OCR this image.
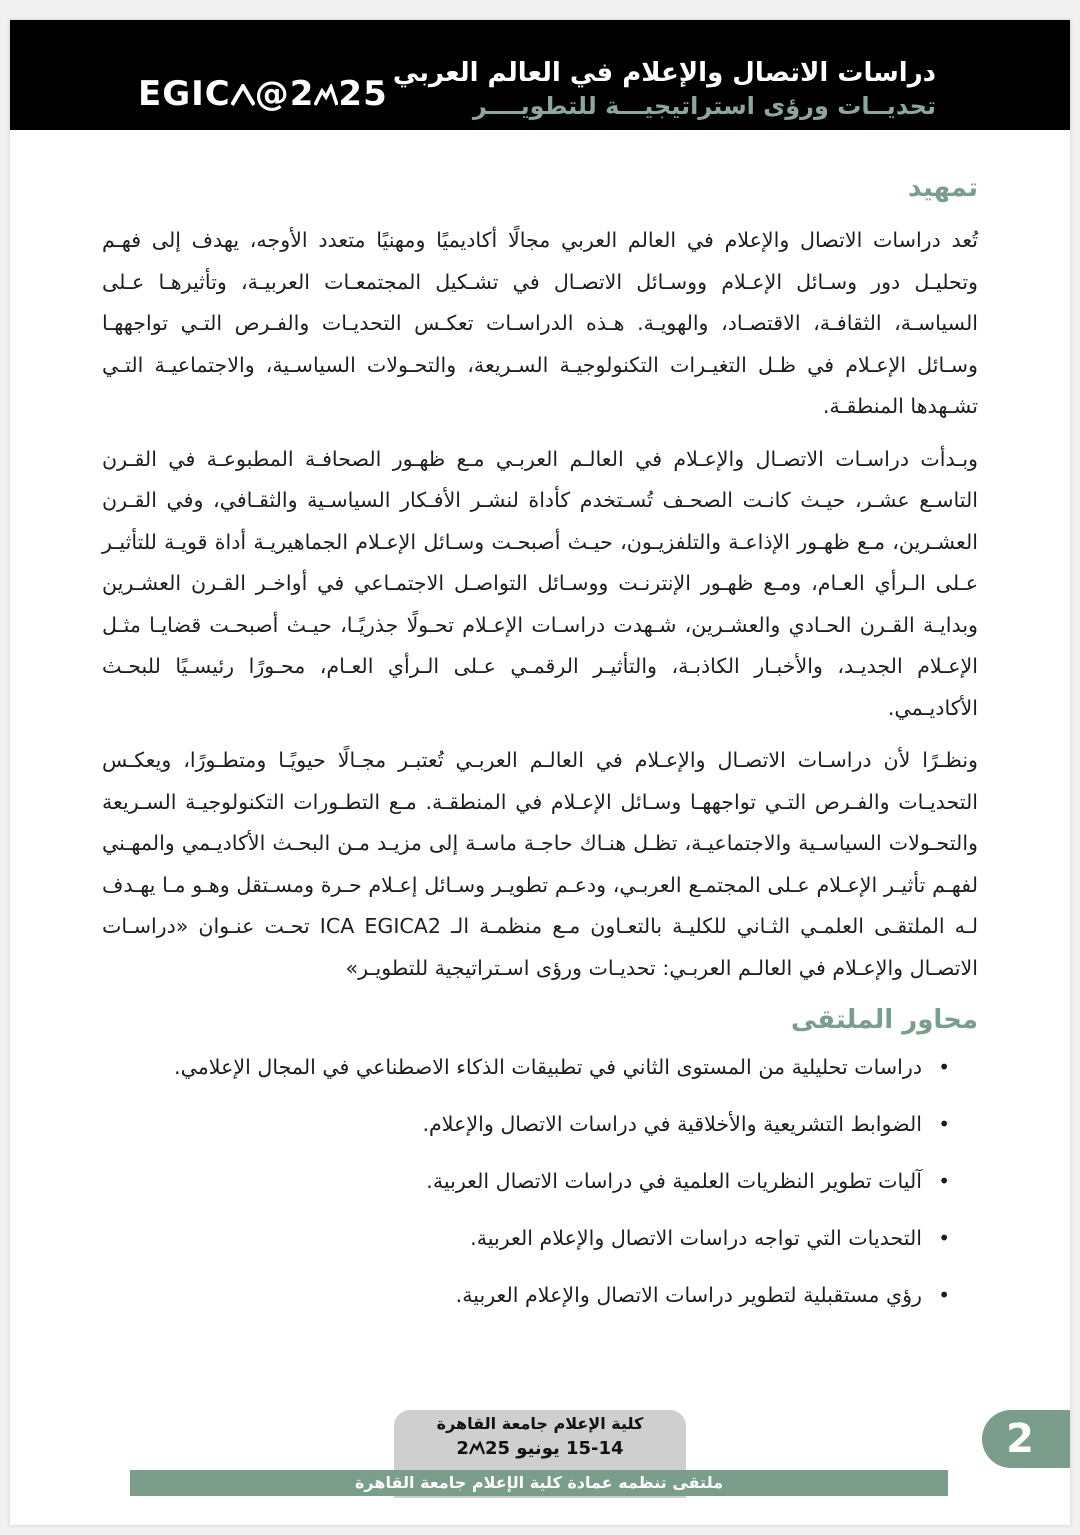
EGIC @2 25
دراسات الاتصال والإعلام في العالم العربي
تحديــات ورؤى استراتيجيـــة للتطويــــر
تمهيد

تُعد دراسات الاتصال والإعلام في العالم العربي مجالًا أكاديميًا ومهنيًا متعدد الأوجه، يهدف إلى فهـم وتحليـل دور وسـائل الإعـلام ووسـائل الاتصـال في تشـكيل المجتمعـات العربيـة، وتأثيرهـا عـلى السياسـة، الثقافـة، الاقتصـاد، والهويـة. هـذه الدراسـات تعكـس التحديـات والفـرص التـي تواجههـا وسـائل الإعـلام في ظـل التغيـرات التكنولوجيـة السـريعة، والتحـولات السياسـية، والاجتماعيـة التـي تشـهدها المنطقـة.

وبـدأت دراسـات الاتصـال والإعـلام في العالـم العربـي مـع ظهـور الصحافـة المطبوعـة في القـرن التاسـع عشـر، حيـث كانـت الصحـف تُسـتخدم كأداة لنشـر الأفـكار السياسـية والثقـافي، وفي القـرن العشـرين، مـع ظهـور الإذاعـة والتلفزيـون، حيـث أصبحـت وسـائل الإعـلام الجماهيريـة أداة قويـة للتأثيـر عـلى الـرأي العـام، ومـع ظهـور الإنترنـت ووسـائل التواصـل الاجتمـاعي في أواخـر القـرن العشـرين وبدايـة القـرن الحـادي والعشـرين، شـهدت دراسـات الإعـلام تحـولًا جذريًـا، حيـث أصبحـت قضايـا مثـل الإعـلام الجديـد، والأخبـار الكاذبـة، والتأثيـر الرقمـي عـلى الـرأي العـام، محـورًا رئيسـيًا للبحـث الأكاديـمي.

ونظـرًا لأن دراسـات الاتصـال والإعـلام في العالـم العربـي تُعتبـر مجـالًا حيويًـا ومتطـورًا، ويعكـس التحديـات والفـرص التـي تواجههـا وسـائل الإعـلام في المنطقـة. مـع التطـورات التكنولوجيـة السـريعة والتحـولات السياسـية والاجتماعيـة، تظـل هنـاك حاجـة ماسـة إلى مزيـد مـن البحـث الأكاديـمي والمهـني لفهـم تأثيـر الإعـلام عـلى المجتمـع العربـي، ودعـم تطويـر وسـائل إعـلام حـرة ومسـتقل وهـو مـا يهـدف لـه الملتقـى العلمـي الثـاني للكليـة بالتعـاون مـع منظمـة الـ ICA EGICA2 تحـت عنـوان «دراسـات الاتصـال والإعـلام في العالـم العربـي: تحديـات ورؤى اسـتراتيجية للتطويـر»

محاور الملتقى
•
دراسات تحليلية من المستوى الثاني في تطبيقات الذكاء الاصطناعي في المجال الإعلامي.
•
الضوابط التشريعية والأخلاقية في دراسات الاتصال والإعلام.
•
آليات تطوير النظريات العلمية في دراسات الاتصال العربية.
•
التحديات التي تواجه دراسات الاتصال والإعلام العربية.
•
رؤي مستقبلية لتطوير دراسات الاتصال والإعلام العربية.
كلية الإعلام جامعة القاهرة
15-14 يونيو 2 25	2
ملتقى تنظمه عمادة كلية الإعلام جامعة القاهرة
